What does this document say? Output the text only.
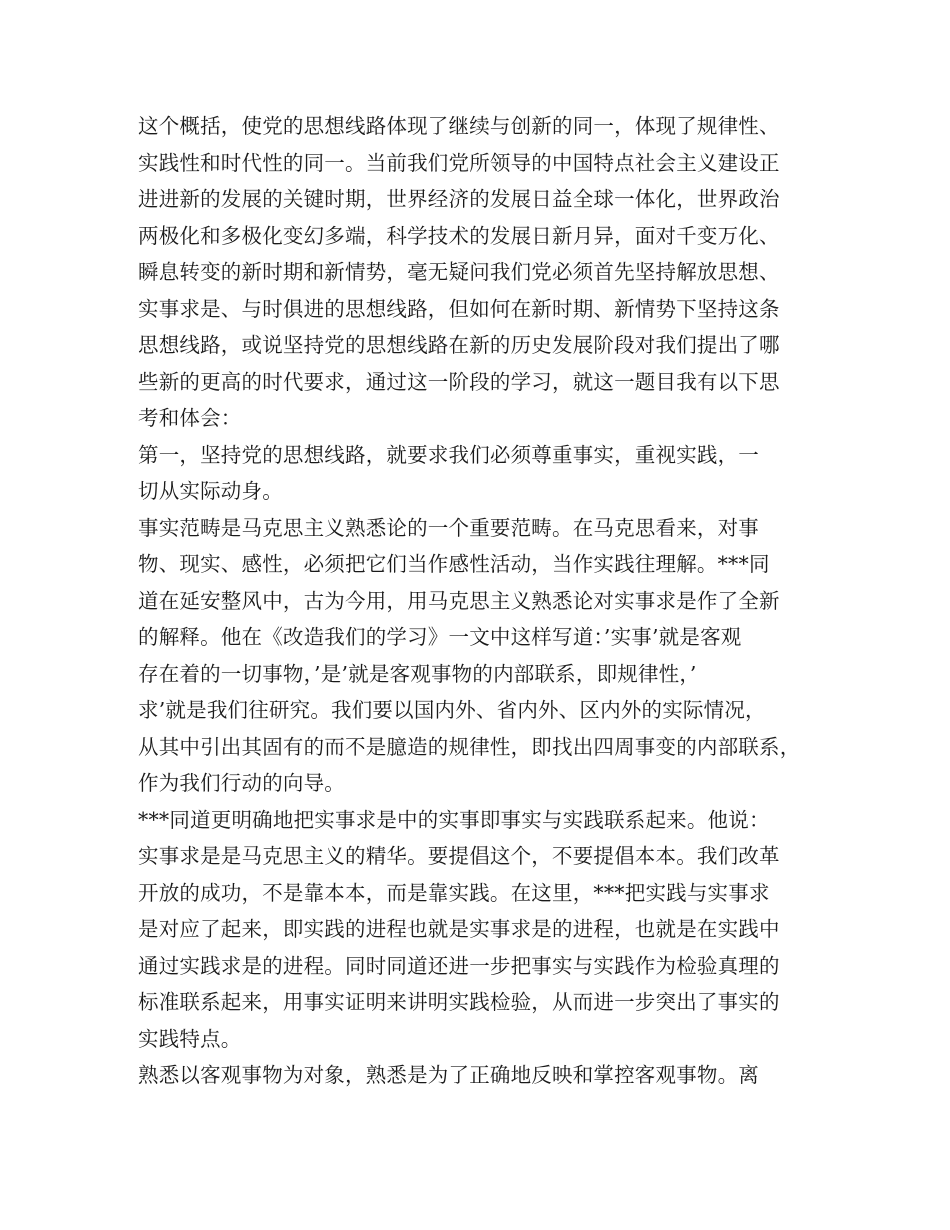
这个概括，使党的思想线路体现了继续与创新的同一，体现了规律性、
实践性和时代性的同一。当前我们党所领导的中国特点社会主义建设正
进进新的发展的关键时期，世界经济的发展日益全球一体化，世界政治
两极化和多极化变幻多端，科学技术的发展日新月异，面对千变万化、
瞬息转变的新时期和新情势，毫无疑问我们党必须首先坚持解放思想、
实事求是、与时俱进的思想线路，但如何在新时期、新情势下坚持这条
思想线路，或说坚持党的思想线路在新的历史发展阶段对我们提出了哪
些新的更高的时代要求，通过这一阶段的学习，就这一题目我有以下思
考和体会：
第一，坚持党的思想线路，就要求我们必须尊重事实，重视实践，一
切从实际动身。
事实范畴是马克思主义熟悉论的一个重要范畴。在马克思看来，对事
物、现实、感性，必须把它们当作感性活动，当作实践往理解。***同
道在延安整风中，古为今用，用马克思主义熟悉论对实事求是作了全新
的解释。他在《改造我们的学习》一文中这样写道：’实事’就是客观
存在着的一切事物，’是’就是客观事物的内部联系，即规律性，’
求’就是我们往研究。我们要以国内外、省内外、区内外的实际情况，
从其中引出其固有的而不是臆造的规律性，即找出四周事变的内部联系，
作为我们行动的向导。
***同道更明确地把实事求是中的实事即事实与实践联系起来。他说：
实事求是是马克思主义的精华。要提倡这个，不要提倡本本。我们改革
开放的成功，不是靠本本，而是靠实践。在这里，***把实践与实事求
是对应了起来，即实践的进程也就是实事求是的进程，也就是在实践中
通过实践求是的进程。同时同道还进一步把事实与实践作为检验真理的
标准联系起来，用事实证明来讲明实践检验，从而进一步突出了事实的
实践特点。
熟悉以客观事物为对象，熟悉是为了正确地反映和掌控客观事物。离
